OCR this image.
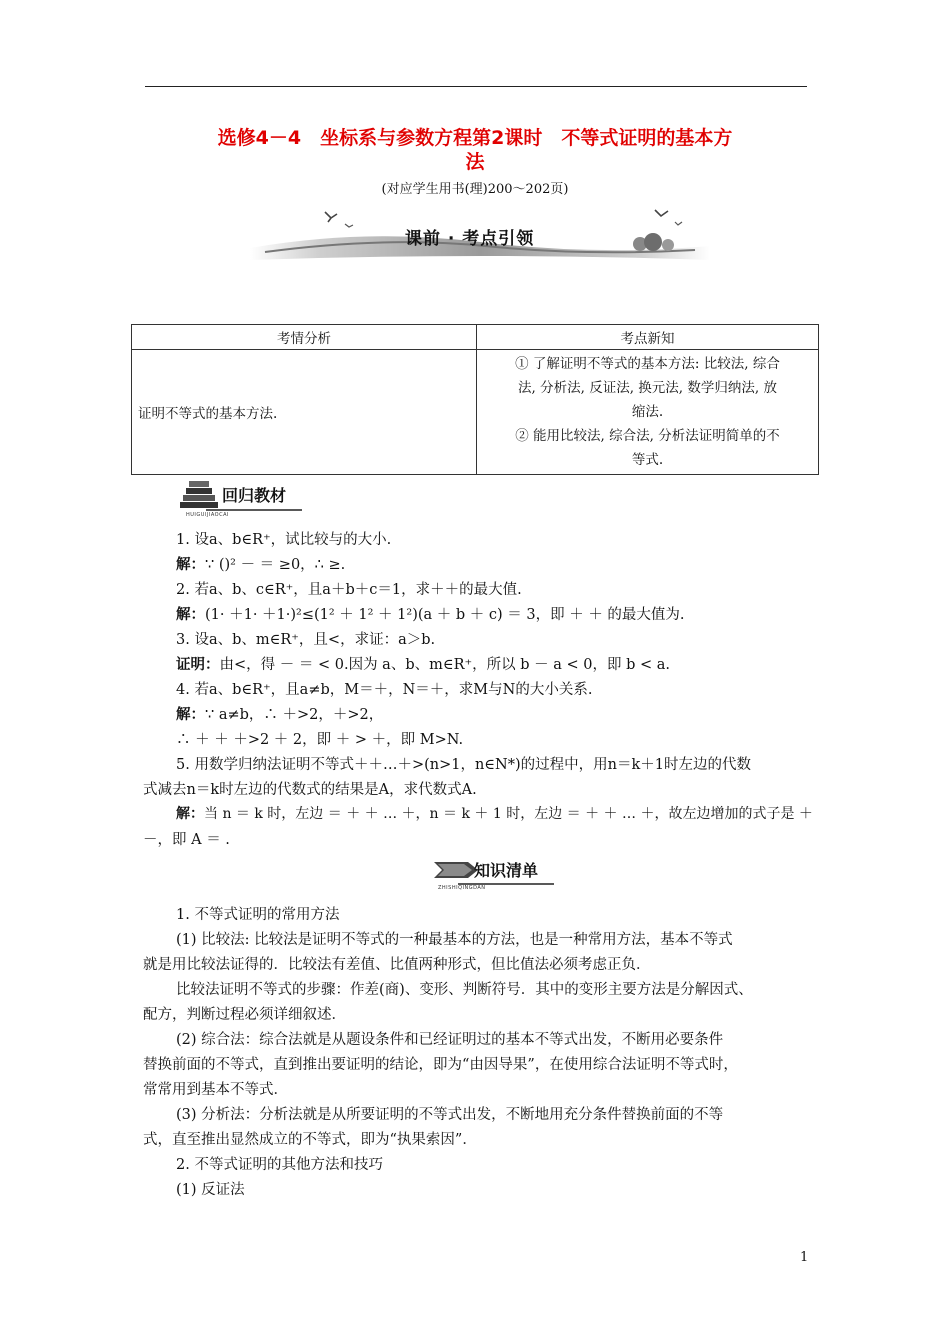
选修4－4　坐标系与参数方程第2课时　不等式证明的基本方
法
(对应学生用书(理)200～202页)
课前 · 考点引领
考情分析	考点新知
证明不等式的基本方法.	① 了解证明不等式的基本方法: 比较法, 综合

法, 分析法, 反证法, 换元法, 数学归纳法, 放

缩法.

② 能用比较法, 综合法, 分析法证明简单的不

等式.

回归教材
HUIGUIJIAOCAI
1. 设a、b∈R⁺，试比较与的大小.
解：∵ ()² － ＝ ≥0，∴ ≥.
2. 若a、b、c∈R⁺，且a＋b＋c＝1，求＋＋的最大值.
解：(1· ＋1· ＋1·)²≤(1² ＋ 1² ＋ 1²)(a ＋ b ＋ c) ＝ 3，即 ＋ ＋ 的最大值为.
3. 设a、b、m∈R⁺，且<，求证：a＞b.
证明：由<，得 － ＝ < 0.因为 a、b、m∈R⁺，所以 b － a < 0，即 b < a.
4. 若a、b∈R⁺，且a≠b，M＝＋，N＝＋，求M与N的大小关系.
解：∵ a≠b，∴ ＋>2，＋>2，
∴ ＋ ＋ ＋>2 ＋ 2，即 ＋ > ＋，即 M>N.
5. 用数学归纳法证明不等式＋＋…＋>(n>1，n∈N*)的过程中，用n＝k＋1时左边的代数
式减去n＝k时左边的代数式的结果是A，求代数式A.
解：当 n ＝ k 时，左边 ＝ ＋ ＋ … ＋，n ＝ k ＋ 1 时，左边 ＝ ＋ ＋ … ＋，故左边增加的式子是 ＋
－，即 A ＝ .
知识清单
ZHISHIQINGDAN
1. 不等式证明的常用方法
(1) 比较法: 比较法是证明不等式的一种最基本的方法，也是一种常用方法，基本不等式
就是用比较法证得的．比较法有差值、比值两种形式，但比值法必须考虑正负．
比较法证明不等式的步骤：作差(商)、变形、判断符号．其中的变形主要方法是分解因式、
配方，判断过程必须详细叙述．
(2) 综合法：综合法就是从题设条件和已经证明过的基本不等式出发，不断用必要条件
替换前面的不等式，直到推出要证明的结论，即为“由因导果”，在使用综合法证明不等式时，
常常用到基本不等式．
(3) 分析法：分析法就是从所要证明的不等式出发，不断地用充分条件替换前面的不等
式，直至推出显然成立的不等式，即为“执果索因”．
2. 不等式证明的其他方法和技巧
(1) 反证法
1
